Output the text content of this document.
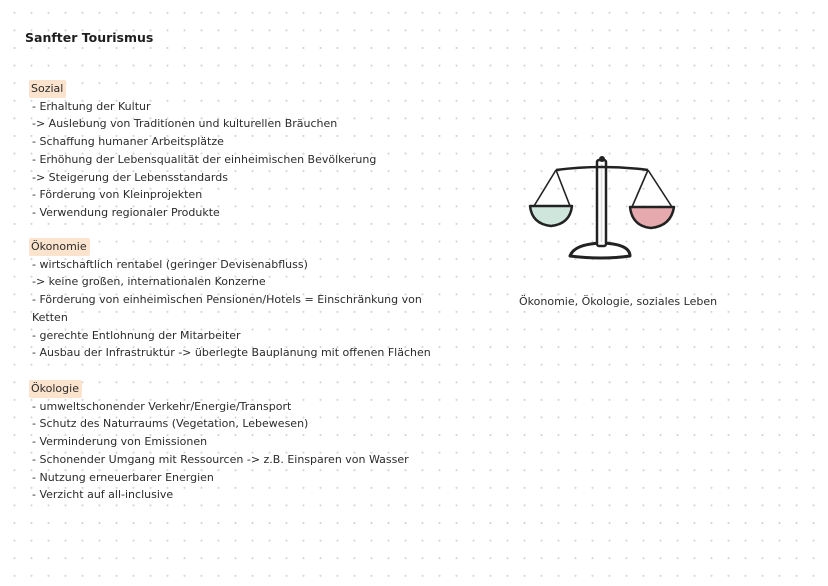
Sanfter Tourismus
Sozial
- Erhaltung der Kultur
-> Auslebung von Traditionen und kulturellen Bräuchen
- Schaffung humaner Arbeitsplätze
- Erhöhung der Lebensqualität der einheimischen Bevölkerung
-> Steigerung der Lebensstandards
- Förderung von Kleinprojekten
- Verwendung regionaler Produkte
Ökonomie
- wirtschaftlich rentabel (geringer Devisenabfluss)
-> keine großen, internationalen Konzerne
- Förderung von einheimischen Pensionen/Hotels = Einschränkung von Ketten
- gerechte Entlohnung der Mitarbeiter
- Ausbau der Infrastruktur -> überlegte Bauplanung mit offenen Flächen
Ökologie
- umweltschonender Verkehr/Energie/Transport
- Schutz des Naturraums (Vegetation, Lebewesen)
- Verminderung von Emissionen
- Schonender Umgang mit Ressourcen -> z.B. Einsparen von Wasser
- Nutzung erneuerbarer Energien
- Verzicht auf all-inclusive
Ökonomie, Ökologie, soziales Leben
